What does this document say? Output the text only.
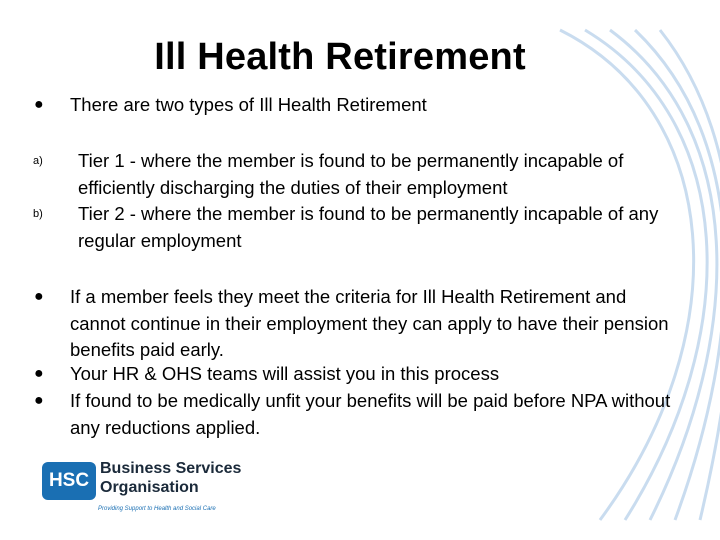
Ill Health Retirement
● There are two types of Ill Health Retirement
a) Tier 1 - where the member is found to be permanently incapable of efficiently discharging the duties of their employment
b) Tier 2 - where the member is found to be permanently incapable of any regular employment
● If a member feels they meet the criteria for Ill Health Retirement and cannot continue in their employment they can apply to have their pension benefits paid early.
● Your HR & OHS teams will assist you in this process
● If found to be medically unfit your benefits will be paid before NPA without any reductions applied.
HSC
Business Services
Organisation
Providing Support to Health and Social Care
